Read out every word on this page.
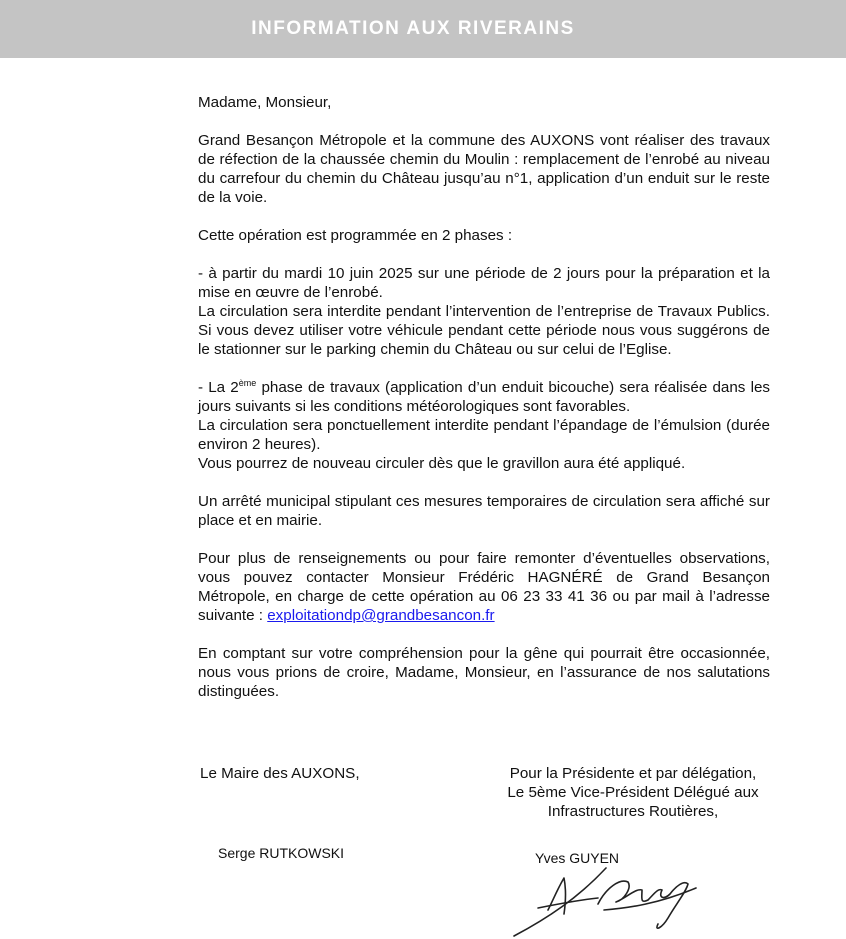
INFORMATION AUX RIVERAINS

Madame, Monsieur,

Grand Besançon Métropole et la commune des AUXONS vont réaliser des travaux de réfection de la chaussée chemin du Moulin : remplacement de l’enrobé au niveau du carrefour du chemin du Château jusqu’au n°1, application d’un enduit sur le reste de la voie.

Cette opération est programmée en 2 phases :

- à partir du mardi 10 juin 2025 sur une période de 2 jours pour la préparation et la mise en œuvre de l’enrobé.

La circulation sera interdite pendant l’intervention de l’entreprise de Travaux Publics. Si vous devez utiliser votre véhicule pendant cette période nous vous suggérons de le stationner sur le parking chemin du Château ou sur celui de l’Eglise.

- La 2ème phase de travaux (application d’un enduit bicouche) sera réalisée dans les jours suivants si les conditions météorologiques sont favorables.

La circulation sera ponctuellement interdite pendant l’épandage de l’émulsion (durée environ 2 heures).

Vous pourrez de nouveau circuler dès que le gravillon aura été appliqué.

Un arrêté municipal stipulant ces mesures temporaires de circulation sera affiché sur place et en mairie.

Pour plus de renseignements ou pour faire remonter d’éventuelles observations, vous pouvez contacter Monsieur Frédéric HAGNÉRÉ de Grand Besançon Métropole, en charge de cette opération au 06 23 33 41 36 ou par mail à l’adresse suivante : exploitationdp@grandbesancon.fr

En comptant sur votre compréhension pour la gêne qui pourrait être occasionnée, nous vous prions de croire, Madame, Monsieur, en l’assurance de nos salutations distinguées.

Le Maire des AUXONS,	Pour la Présidente et par délégation,
Le 5ème Vice-Président Délégué aux
Infrastructures Routières,
Serge RUTKOWSKI	Yves GUYEN
